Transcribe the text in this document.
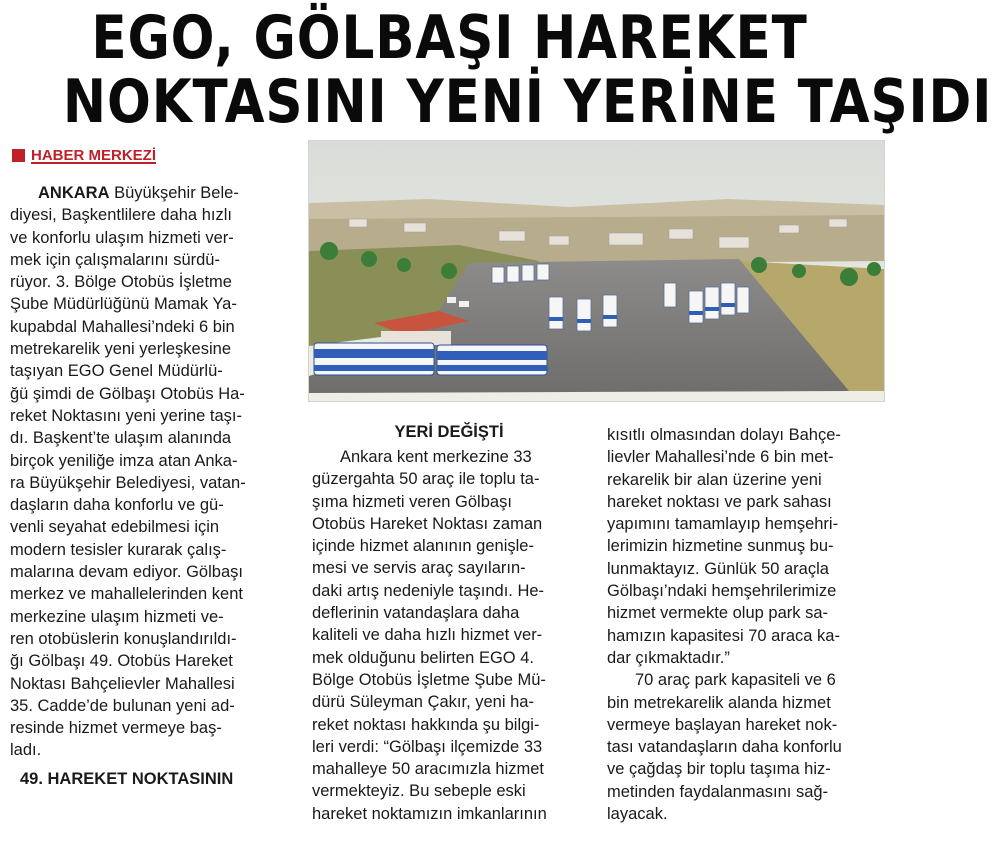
EGO, GÖLBAŞI HAREKET
NOKTASINI YENİ YERİNE TAŞIDI
HABER MERKEZİ

ANKARA Büyükşehir Bele-
diyesi, Başkentlilere daha hızlı
ve konforlu ulaşım hizmeti ver-
mek için çalışmalarını sürdü-
rüyor. 3. Bölge Otobüs İşletme
Şube Müdürlüğünü Mamak Ya-
kupabdal Mahallesi’ndeki 6 bin
metrekarelik yeni yerleşkesine
taşıyan EGO Genel Müdürlü-
ğü şimdi de Gölbaşı Otobüs Ha-
reket Noktasını yeni yerine taşı-
dı. Başkent’te ulaşım alanında
birçok yeniliğe imza atan Anka-
ra Büyükşehir Belediyesi, vatan-
daşların daha konforlu ve gü-
venli seyahat edebilmesi için
modern tesisler kurarak çalış-
malarına devam ediyor. Gölbaşı
merkez ve mahallelerinden kent
merkezine ulaşım hizmeti ve-
ren otobüslerin konuşlandırıldı-
ğı Gölbaşı 49. Otobüs Hareket
Noktası Bahçelievler Mahallesi
35. Cadde’de bulunan yeni ad-
resinde hizmet vermeye baş-
ladı.

49. HAREKET NOKTASININ

YERİ DEĞİŞTİ

Ankara kent merkezine 33
güzergahta 50 araç ile toplu ta-
şıma hizmeti veren Gölbaşı
Otobüs Hareket Noktası zaman
içinde hizmet alanının genişle-
mesi ve servis araç sayıların-
daki artış nedeniyle taşındı. He-
deflerinin vatandaşlara daha
kaliteli ve daha hızlı hizmet ver-
mek olduğunu belirten EGO 4.
Bölge Otobüs İşletme Şube Mü-
dürü Süleyman Çakır, yeni ha-
reket noktası hakkında şu bilgi-
leri verdi: “Gölbaşı ilçemizde 33
mahalleye 50 aracımızla hizmet
vermekteyiz. Bu sebeple eski
hareket noktamızın imkanlarının

kısıtlı olmasından dolayı Bahçe-
lievler Mahallesi’nde 6 bin met-
rekarelik bir alan üzerine yeni
hareket noktası ve park sahası
yapımını tamamlayıp hemşehri-
lerimizin hizmetine sunmuş bu-
lunmaktayız. Günlük 50 araçla
Gölbaşı’ndaki hemşehrilerimize
hizmet vermekte olup park sa-
hamızın kapasitesi 70 araca ka-
dar çıkmaktadır.”

70 araç park kapasiteli ve 6
bin metrekarelik alanda hizmet
vermeye başlayan hareket nok-
tası vatandaşların daha konforlu
ve çağdaş bir toplu taşıma hiz-
metinden faydalanmasını sağ-
layacak.
